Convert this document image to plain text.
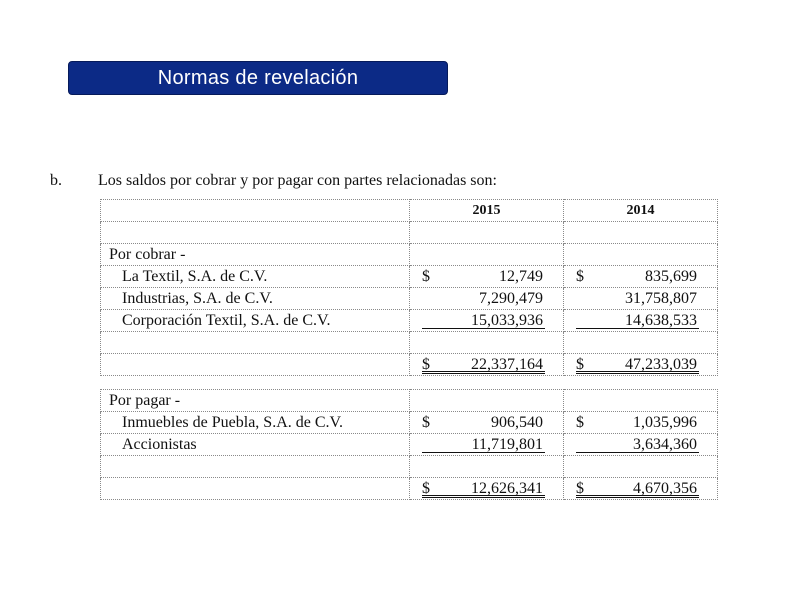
Normas de revelación
b. Los saldos por cobrar y por pagar con partes relacionadas son:
	2015	2014

Por cobrar -		
La Textil, S.A. de C.V.	$ 12,749	$ 835,699

Industrias, S.A. de C.V.	7,290,479	31,758,807

Corporación Textil, S.A. de C.V.	15,033,936	14,638,533

	$ 22,337,164	$ 47,233,039
Por pagar -		
Inmuebles de Puebla, S.A. de C.V.	$ 906,540	$ 1,035,996

Accionistas	11,719,801	3,634,360

	$ 12,626,341	$ 4,670,356
